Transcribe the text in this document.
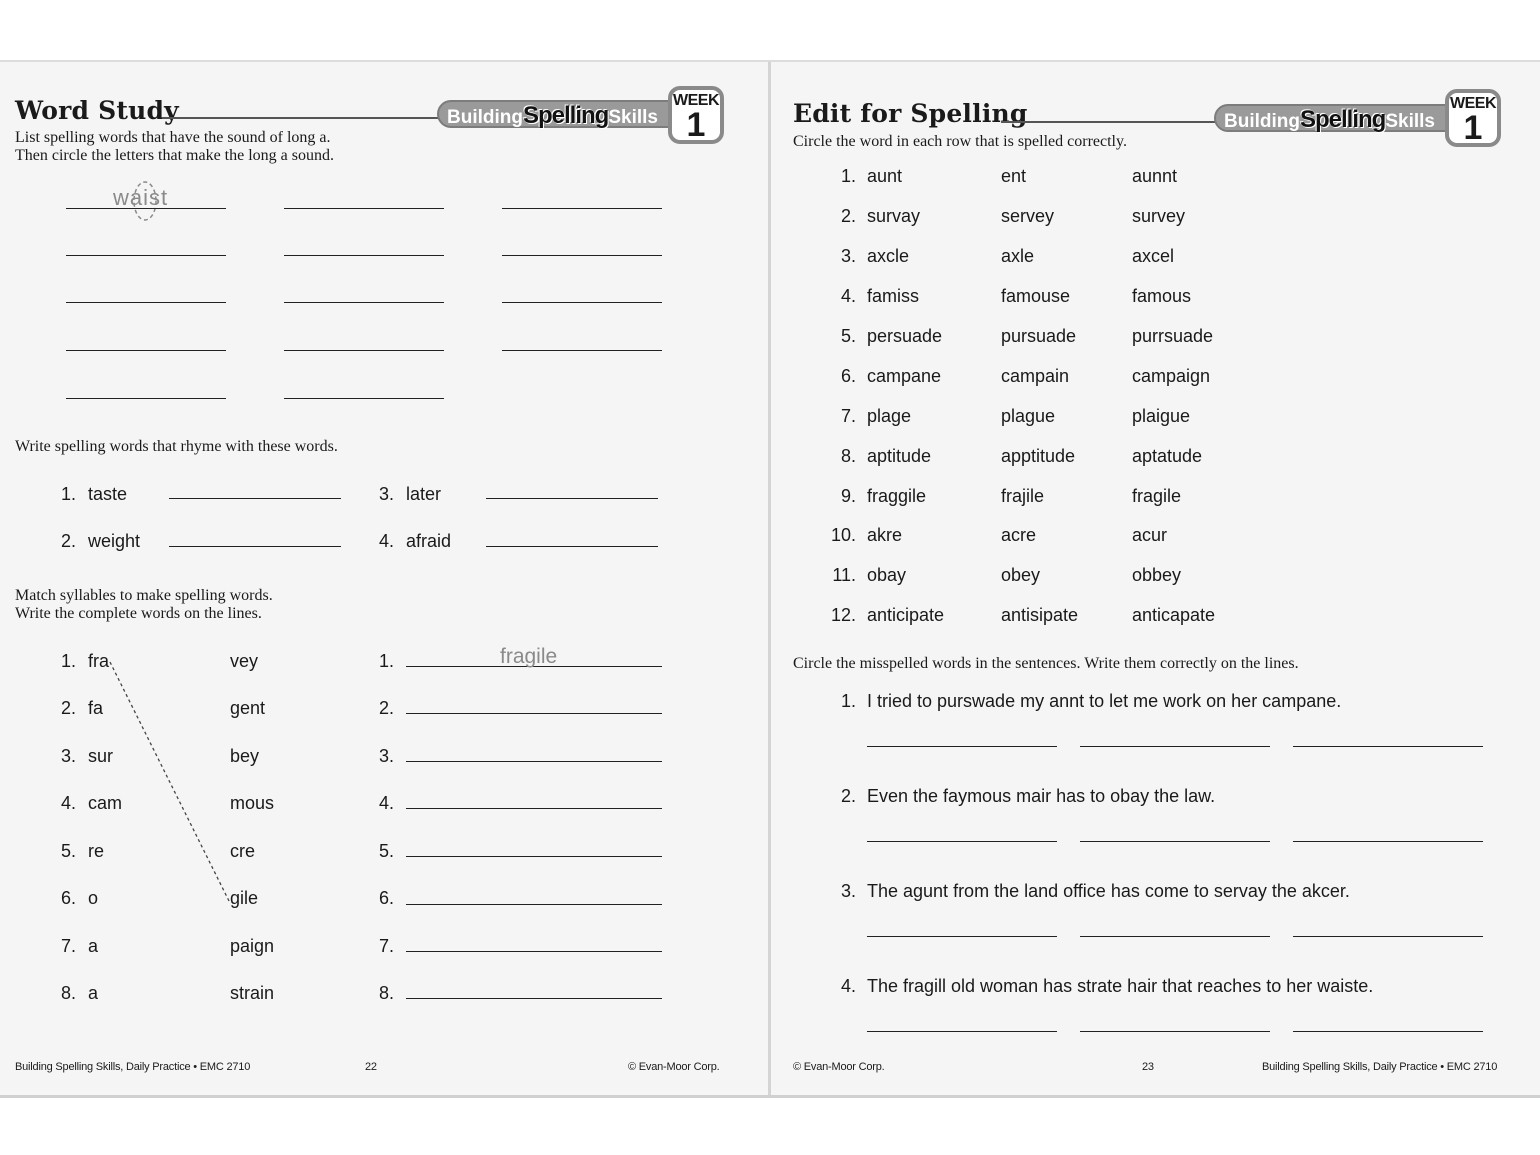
Word Study	BuildingSpellingSkills
WEEK
1
List spelling words that have the sound of long a.
Then circle the letters that make the long a sound.
waist
Write spelling words that rhyme with these words.
1. taste	3. later
2. weight	4. afraid
Match syllables to make spelling words.
Write the complete words on the lines.
1. fra	vey	1.	fragile
2. fa	gent	2.
3. sur	bey	3.
4. cam	mous	4.
5. re	cre	5.
6. o	gile	6.
7. a	paign	7.
8. a	strain	8.
Building Spelling Skills, Daily Practice • EMC 2710	22	© Evan-Moor Corp.
Edit for Spelling	BuildingSpellingSkills
WEEK
1
Circle the word in each row that is spelled correctly.
1. aunt	ent	aunnt
2. survay	servey	survey
3. axcle	axle	axcel
4. famiss	famouse	famous
5. persuade	pursuade	purrsuade
6. campane	campain	campaign
7. plage	plague	plaigue
8. aptitude	apptitude	aptatude
9. fraggile	frajile	fragile
10. akre	acre	acur
11. obay	obey	obbey
12. anticipate	antisipate	anticapate
Circle the misspelled words in the sentences. Write them correctly on the lines.
1. I tried to purswade my annt to let me work on her campane.
2. Even the faymous mair has to obay the law.
3. The agunt from the land office has come to servay the akcer.
4. The fragill old woman has strate hair that reaches to her waiste.
© Evan-Moor Corp.	23	Building Spelling Skills, Daily Practice • EMC 2710
